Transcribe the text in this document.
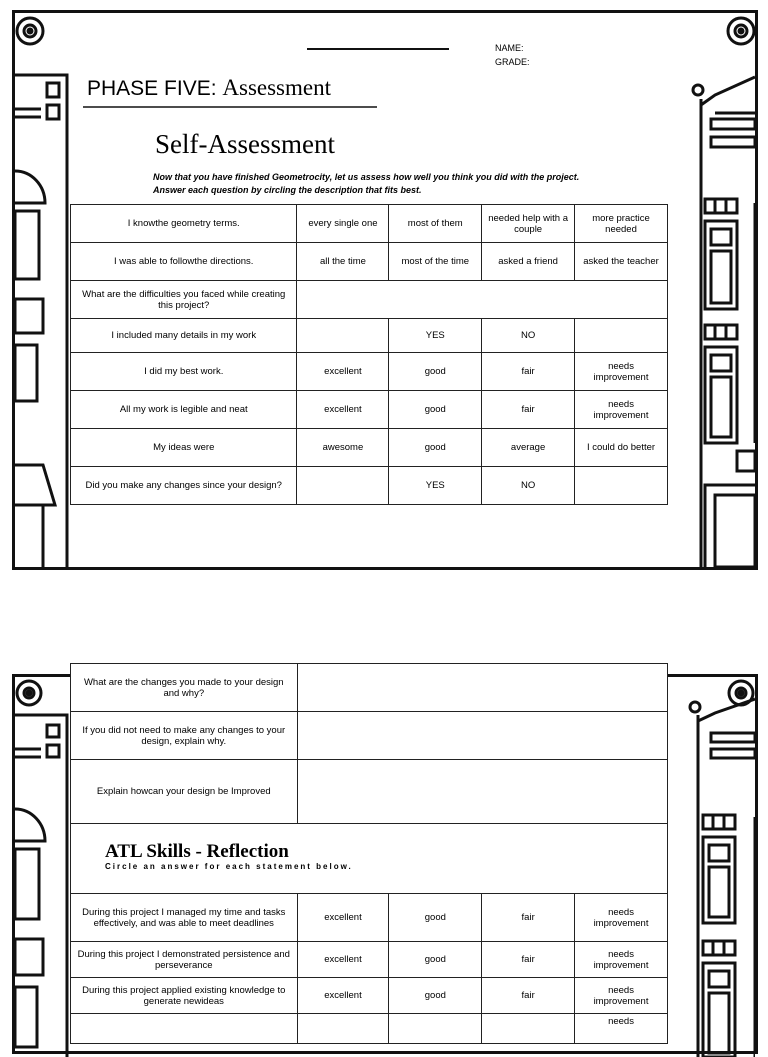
NAME:
GRADE:
PHASE FIVE: Assessment
Self-Assessment
Now that you have finished Geometrocity, let us assess how well you think you did with the project. Answer each question by circling the description that fits best.
I knowthe geometry terms.	every single one	most of them	needed help with a couple	more practice needed
I was able to followthe directions.	all the time	most of the time	asked a friend	asked the teacher
What are the difficulties you faced while creating this project?				
I included many details in my work		YES	NO	
I did my best work.	excellent	good	fair	needs improvement
All my work is legible and neat	excellent	good	fair	needs improvement
My ideas were	awesome	good	average	I could do better
Did you make any changes since your design?		YES	NO	
What are the changes you made to your design and why?				
If you did not need to make any changes to your design, explain why.				
Explain howcan your design be Improved				

ATL Skills - Reflection
Circle an answer for each statement below.				

During this project I managed my time and tasks effectively, and was able to meet deadlines	excellent	good	fair	needs improvement
During this project I demonstrated persistence and perseverance	excellent	good	fair	needs improvement
During this project applied existing knowledge to generate newideas	excellent	good	fair	needs improvement
				needs
